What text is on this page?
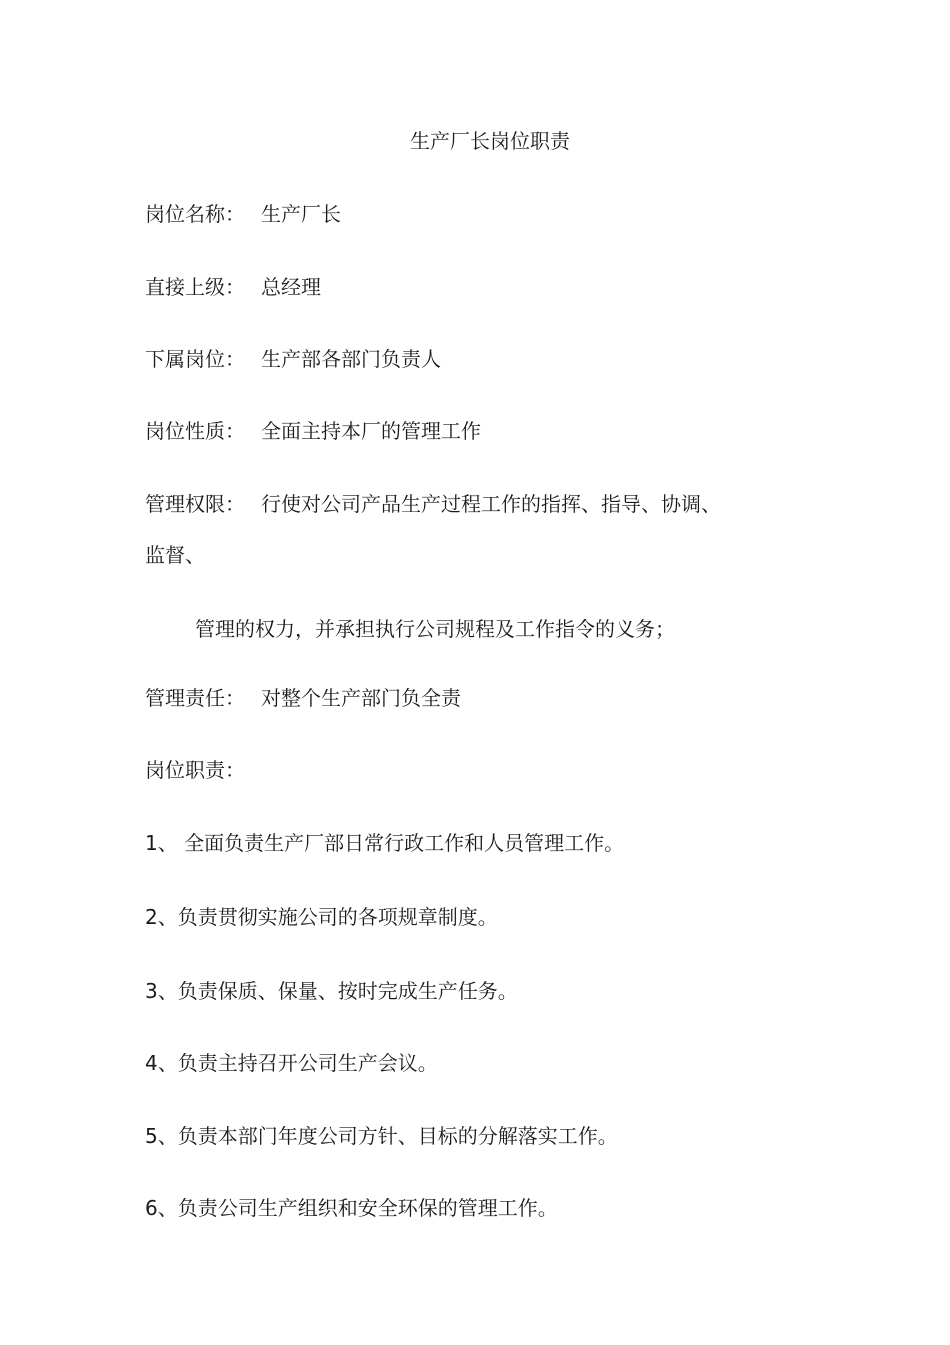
生产厂长岗位职责
岗位名称： 生产厂长
直接上级： 总经理
下属岗位： 生产部各部门负责人
岗位性质： 全面主持本厂的管理工作
管理权限： 行使对公司产品生产过程工作的指挥、指导、协调、
监督、
管理的权力，并承担执行公司规程及工作指令的义务；
管理责任： 对整个生产部门负全责
岗位职责：
1、 全面负责生产厂部日常行政工作和人员管理工作。
2、负责贯彻实施公司的各项规章制度。
3、负责保质、保量、按时完成生产任务。
4、负责主持召开公司生产会议。
5、负责本部门年度公司方针、目标的分解落实工作。
6、负责公司生产组织和安全环保的管理工作。
